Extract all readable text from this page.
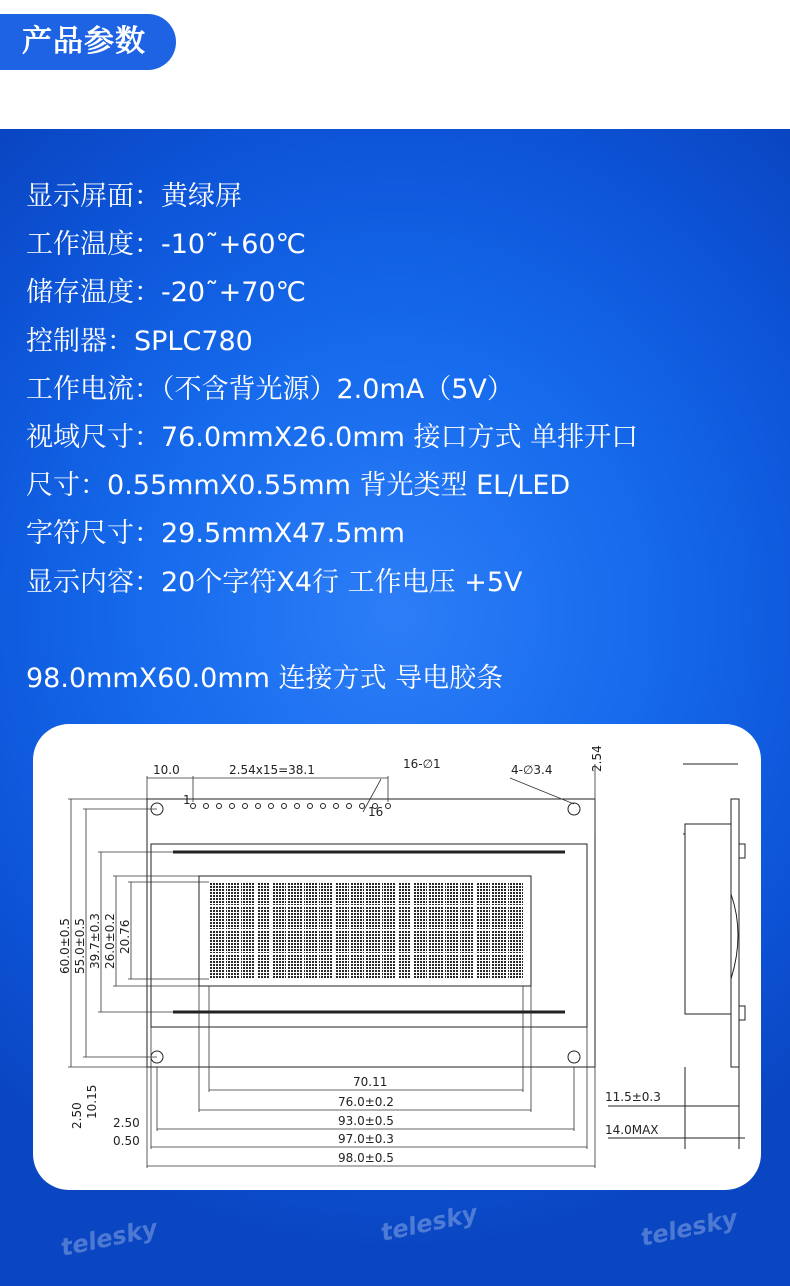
产品参数
telesky	telesky	telesky
显示屏面：黄绿屏
工作温度：-10˜+60℃
储存温度：-20˜+70℃
控制器：SPLC780
工作电流：（不含背光源）2.0mA（5V）
视域尺寸：76.0mmX26.0mm 接口方式 单排开口
尺寸：0.55mmX0.55mm 背光类型 EL/LED
字符尺寸：29.5mmX47.5mm
显示内容：20个字符X4行 工作电压 +5V
98.0mmX60.0mm 连接方式 导电胶条
1
16
10.0	2.54x15=38.1	16-∅1	4-∅3.4	2.54
60.0±0.5 55.0±0.5 39.7±0.3 26.0±0.2 20.76
2.50 10.15
70.11
76.0±0.2
93.0±0.5
97.0±0.3
98.0±0.5
2.50
0.50
11.5±0.3
14.0MAX
